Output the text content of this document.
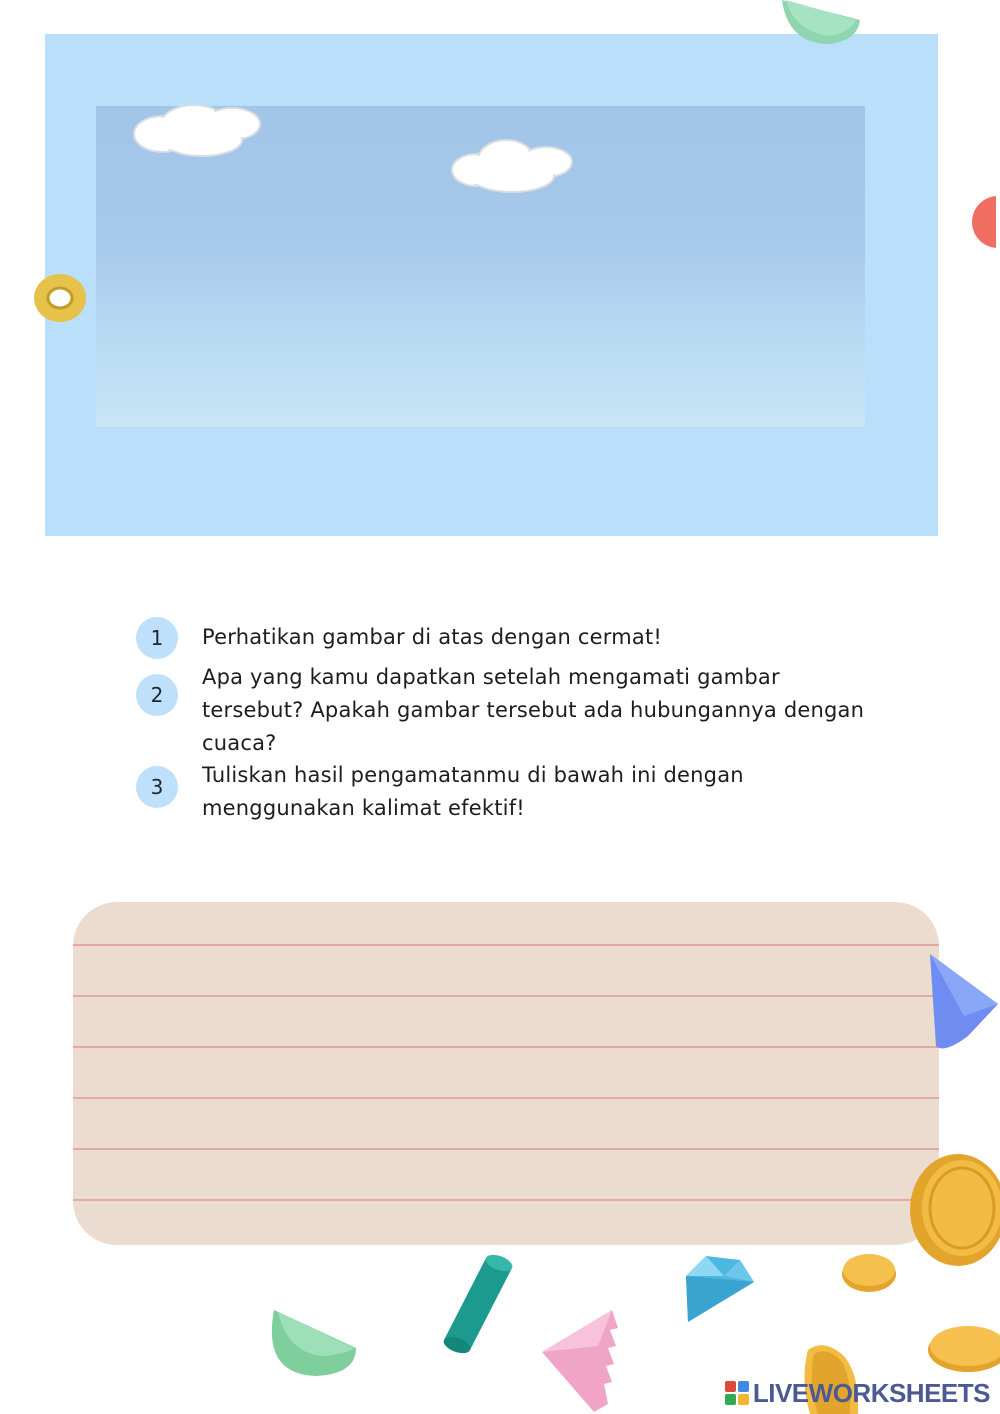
1	Perhatikan gambar di atas dengan cermat!
2
Apa yang kamu dapatkan setelah mengamati gambar tersebut? Apakah gambar tersebut ada hubungannya dengan cuaca?
3	Tuliskan hasil pengamatanmu di bawah ini dengan menggunakan kalimat efektif!
LIVEWORKSHEETS
